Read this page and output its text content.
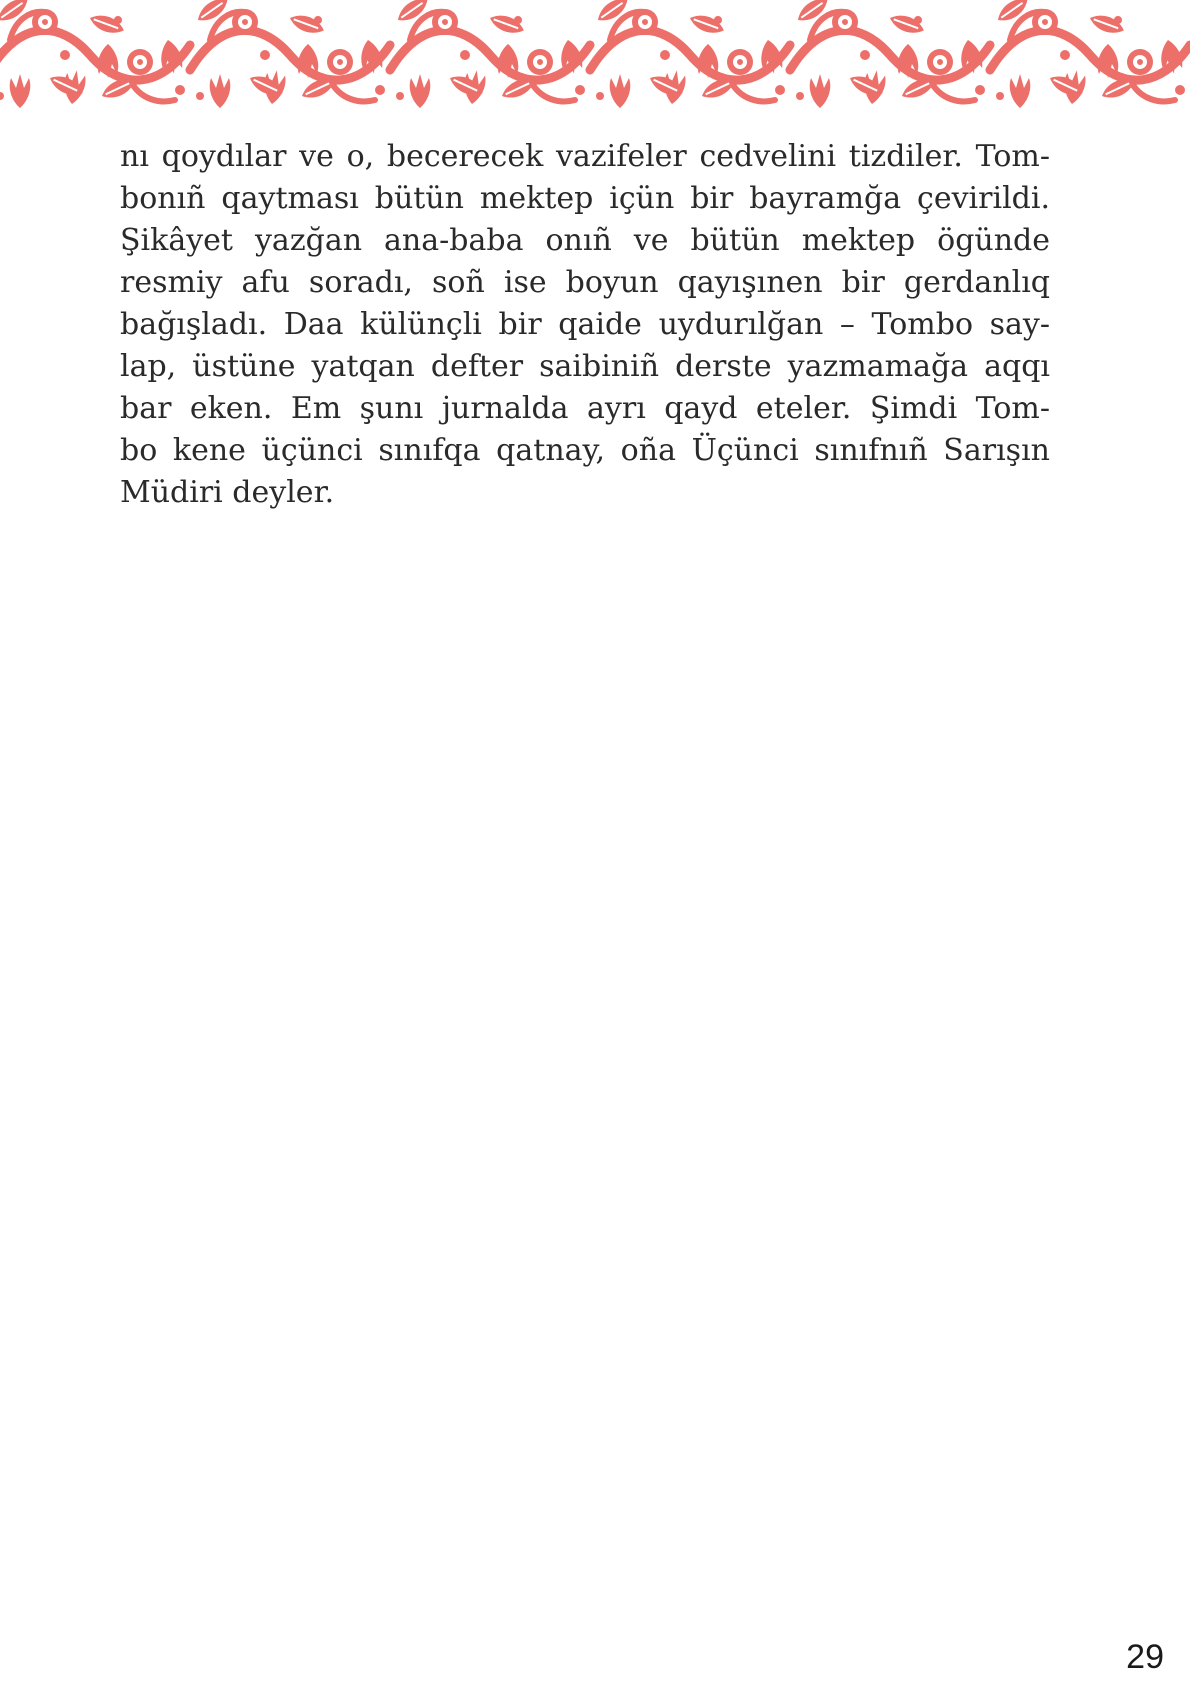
nı qoydılar ve o, becerecek vazifeler cedvelini tizdiler. Tom-
bonıñ qaytması bütün mektep içün bir bayramğa çevirildi.
Şikâyet yazğan ana-baba onıñ ve bütün mektep ögünde
resmiy afu soradı, soñ ise boyun qayışınen bir gerdanlıq
bağışladı. Daa külünçli bir qaide uydurılğan – Tombo say-
lap, üstüne yatqan defter saibiniñ derste yazmamağa aqqı
bar eken. Em şunı jurnalda ayrı qayd eteler. Şimdi Tom-
bo kene üçünci sınıfqa qatnay, oña Üçünci sınıfnıñ Sarışın
Müdiri deyler.
29
